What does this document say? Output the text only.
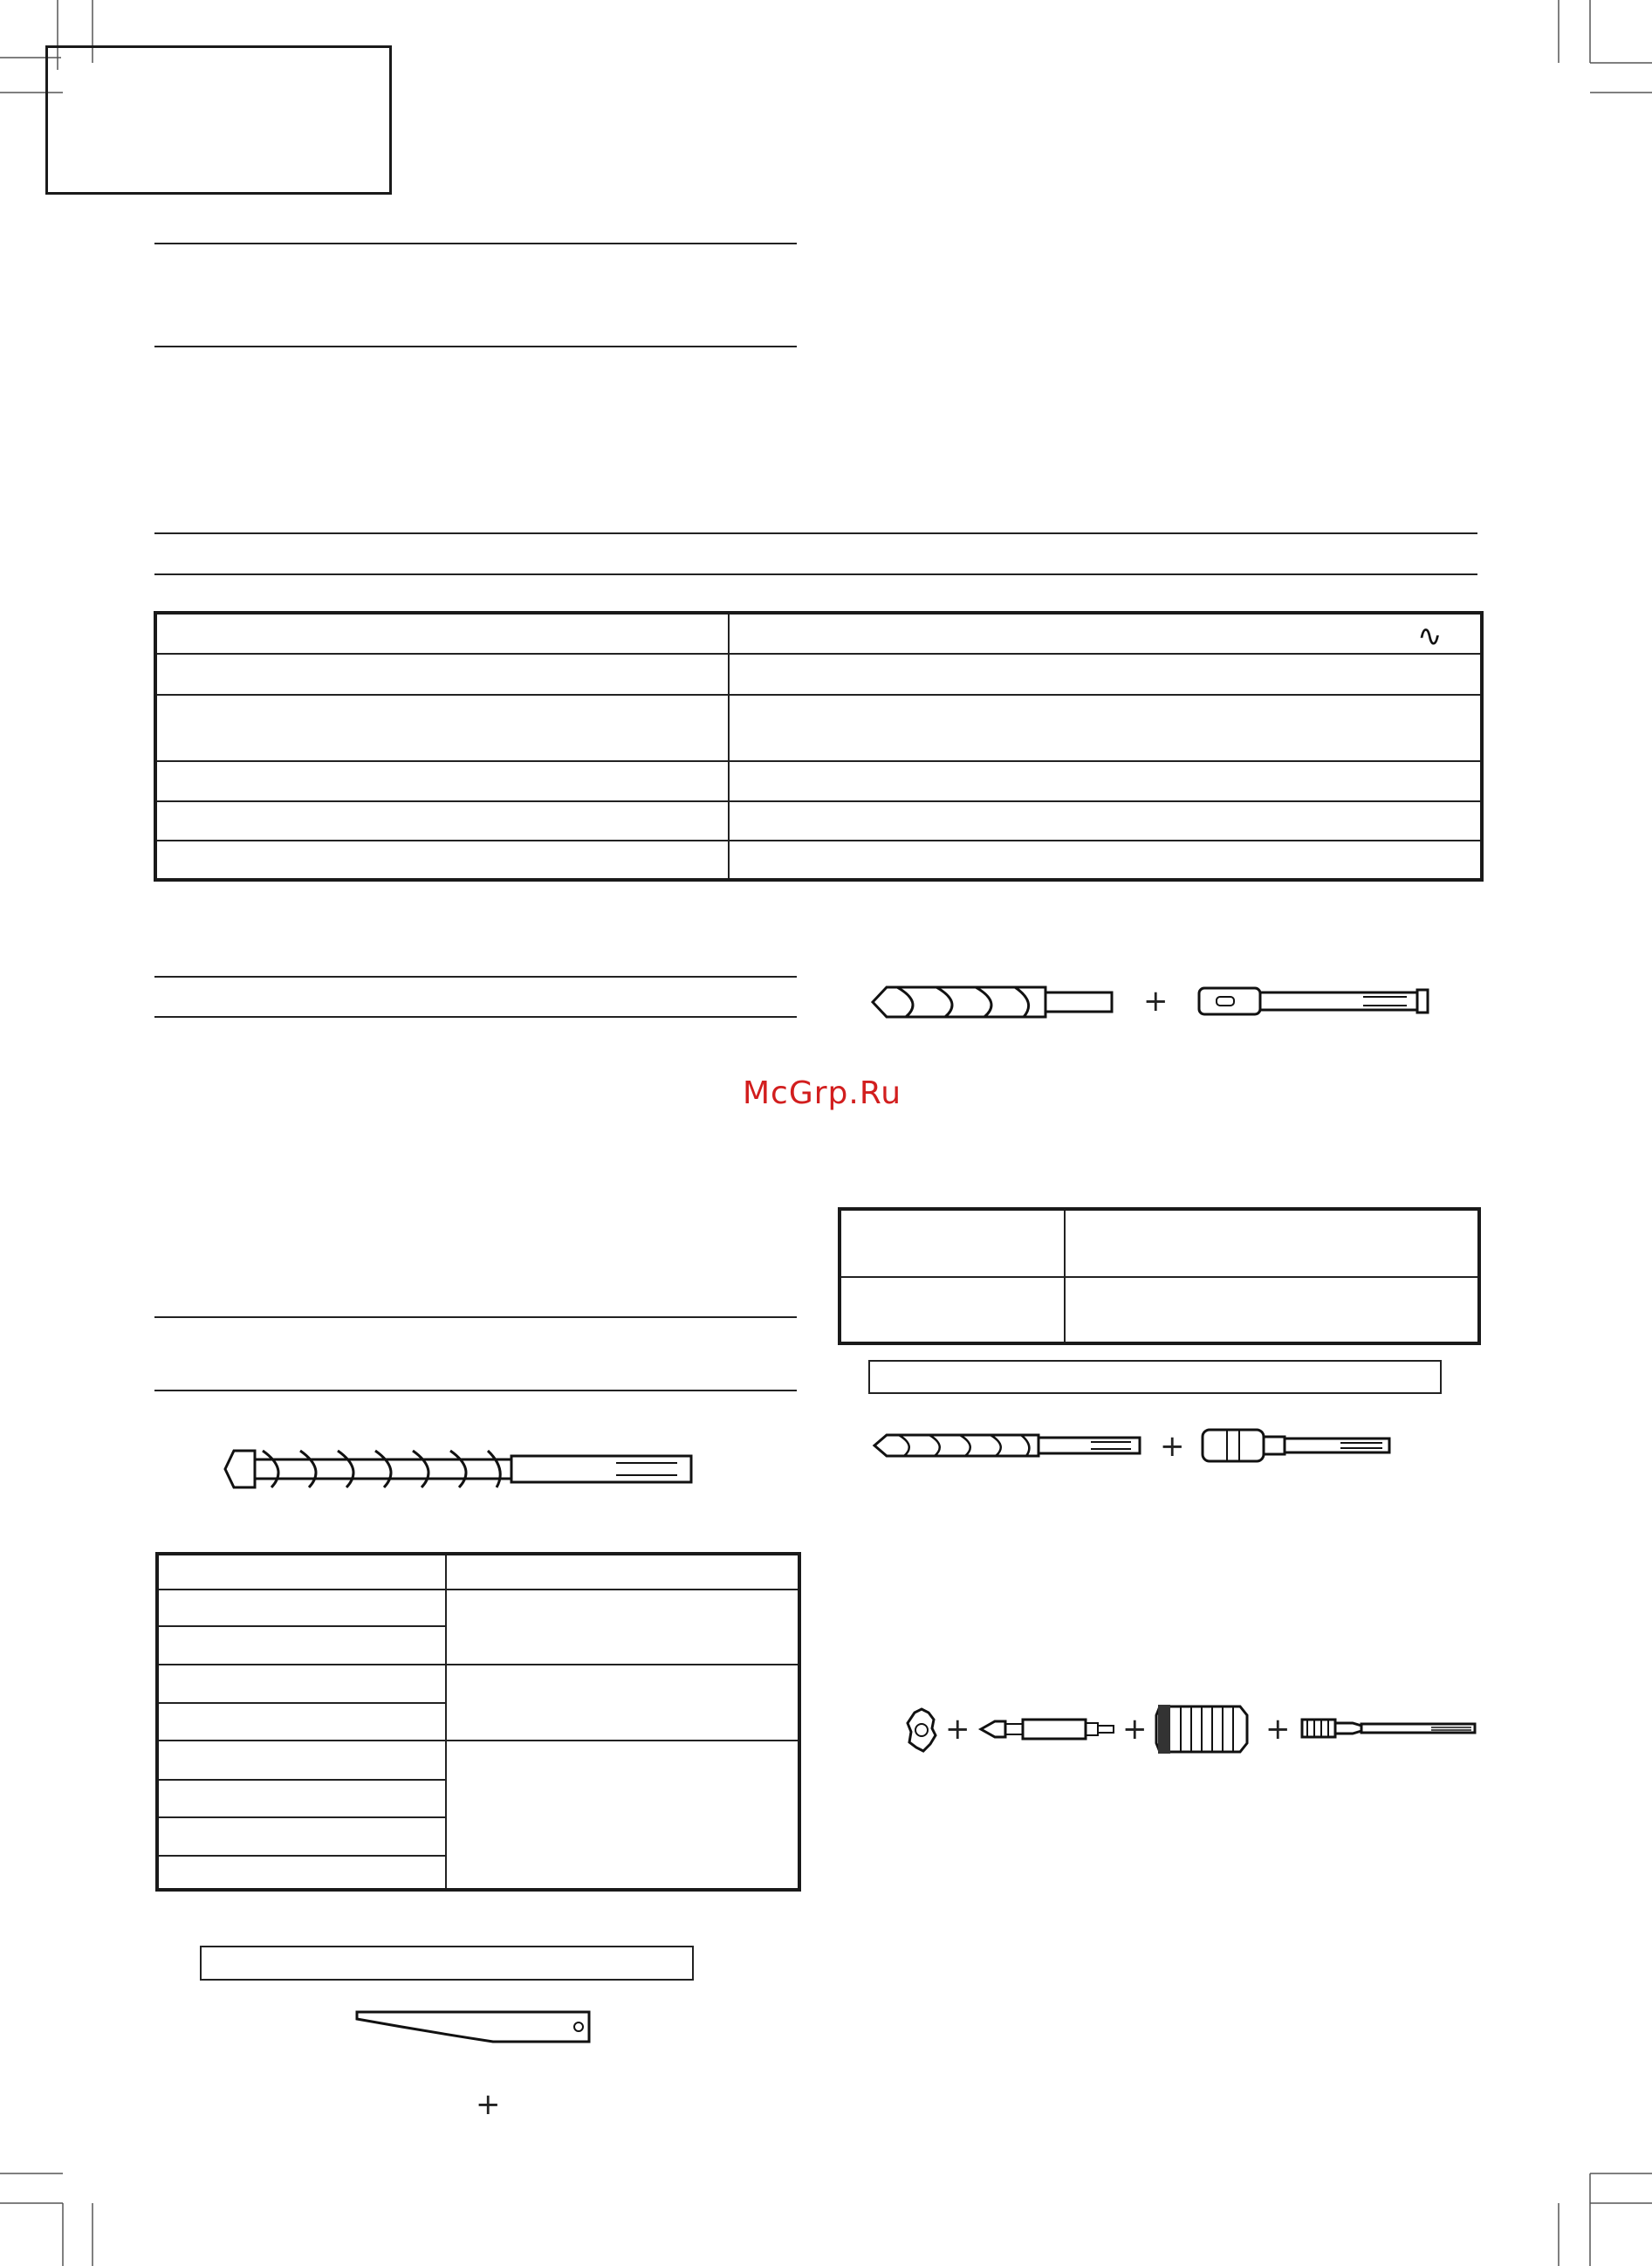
∿
+
McGrp.Ru
+
+	+	+
+
